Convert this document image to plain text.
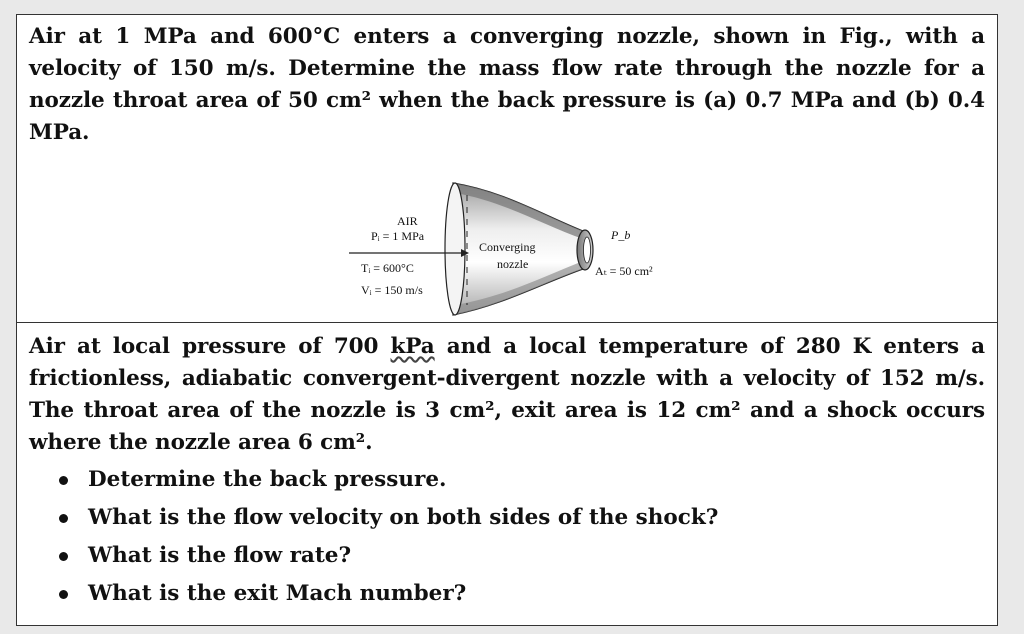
Air at 1 MPa and 600°C enters a converging nozzle, shown in Fig., with a velocity of 150 m/s. Determine the mass flow rate through the nozzle for a nozzle throat area of 50 cm² when the back pressure is (a) 0.7 MPa and (b) 0.4 MPa.

AIR
Pᵢ = 1 MPa
Tᵢ = 600°C
Vᵢ = 150 m/s
Converging
nozzle
P_b
Aₜ = 50 cm²

Air at local pressure of 700 kPa and a local temperature of 280 K enters a frictionless, adiabatic convergent-divergent nozzle with a velocity of 152 m/s. The throat area of the nozzle is 3 cm², exit area is 12 cm² and a shock occurs where the nozzle area 6 cm².

Determine the back pressure.
What is the flow velocity on both sides of the shock?
What is the flow rate?
What is the exit Mach number?
